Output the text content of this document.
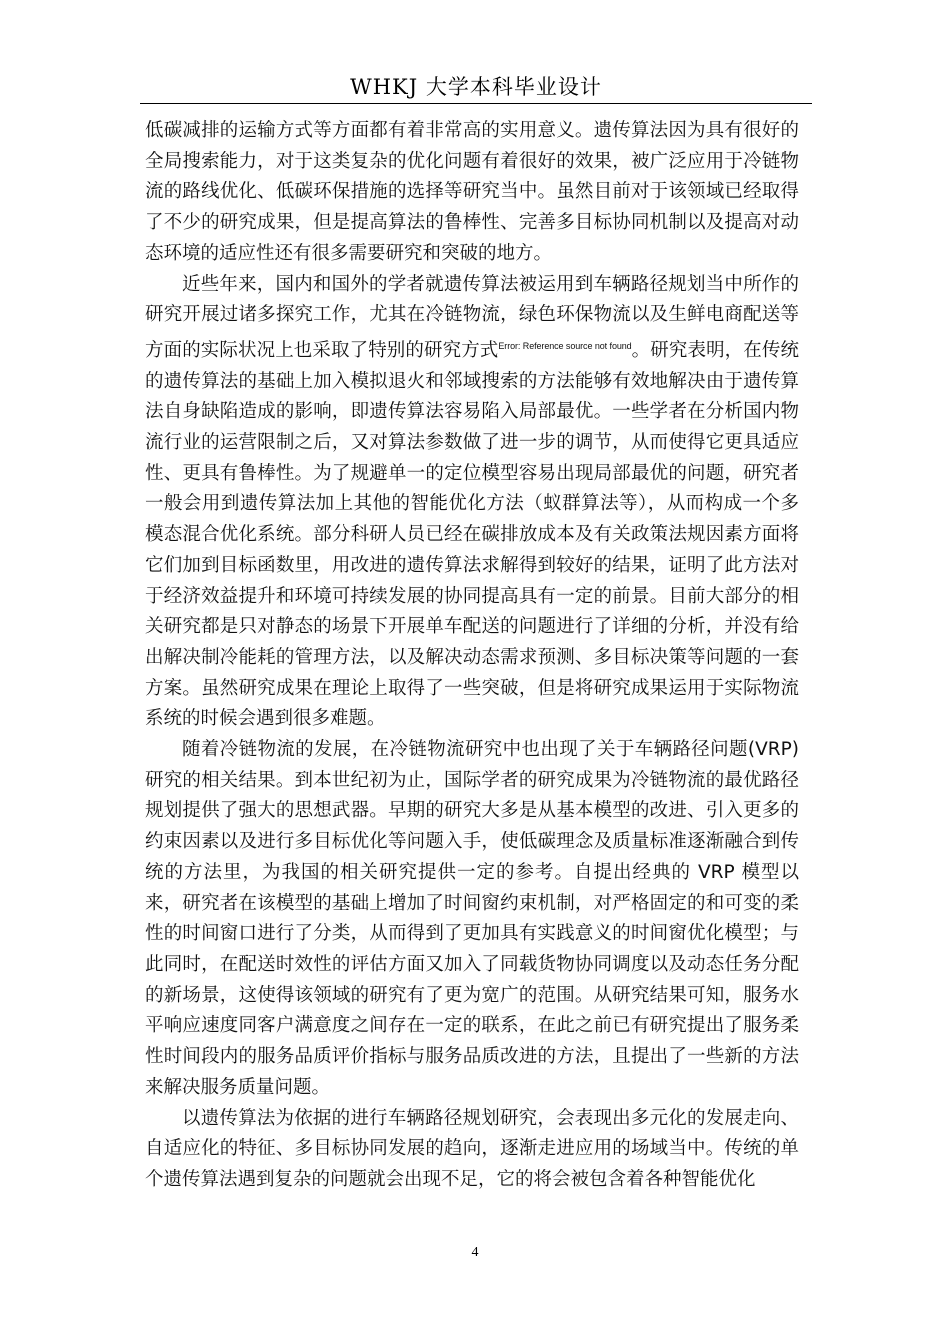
WHKJ 大学本科毕业设计

低碳减排的运输方式等方面都有着非常高的实用意义。遗传算法因为具有很好的全局搜索能力，对于这类复杂的优化问题有着很好的效果，被广泛应用于冷链物流的路线优化、低碳环保措施的选择等研究当中。虽然目前对于该领域已经取得了不少的研究成果，但是提高算法的鲁棒性、完善多目标协同机制以及提高对动态环境的适应性还有很多需要研究和突破的地方。

近些年来，国内和国外的学者就遗传算法被运用到车辆路径规划当中所作的研究开展过诸多探究工作，尤其在冷链物流，绿色环保物流以及生鲜电商配送等方面的实际状况上也采取了特别的研究方式$^{Error: Reference source not found}$。研究表明，在传统的遗传算法的基础上加入模拟退火和邻域搜索的方法能够有效地解决由于遗传算法自身缺陷造成的影响，即遗传算法容易陷入局部最优。一些学者在分析国内物流行业的运营限制之后，又对算法参数做了进一步的调节，从而使得它更具适应性、更具有鲁棒性。为了规避单一的定位模型容易出现局部最优的问题，研究者一般会用到遗传算法加上其他的智能优化方法（蚁群算法等），从而构成一个多模态混合优化系统。部分科研人员已经在碳排放成本及有关政策法规因素方面将它们加到目标函数里，用改进的遗传算法求解得到较好的结果，证明了此方法对于经济效益提升和环境可持续发展的协同提高具有一定的前景。目前大部分的相关研究都是只对静态的场景下开展单车配送的问题进行了详细的分析，并没有给出解决制冷能耗的管理方法，以及解决动态需求预测、多目标决策等问题的一套方案。虽然研究成果在理论上取得了一些突破，但是将研究成果运用于实际物流系统的时候会遇到很多难题。

随着冷链物流的发展，在冷链物流研究中也出现了关于车辆路径问题(VRP)研究的相关结果。到本世纪初为止，国际学者的研究成果为冷链物流的最优路径规划提供了强大的思想武器。早期的研究大多是从基本模型的改进、引入更多的约束因素以及进行多目标优化等问题入手，使低碳理念及质量标准逐渐融合到传统的方法里，为我国的相关研究提供一定的参考。自提出经典的 VRP 模型以来，研究者在该模型的基础上增加了时间窗约束机制，对严格固定的和可变的柔性的时间窗口进行了分类，从而得到了更加具有实践意义的时间窗优化模型；与此同时，在配送时效性的评估方面又加入了同载货物协同调度以及动态任务分配的新场景，这使得该领域的研究有了更为宽广的范围。从研究结果可知，服务水平响应速度同客户满意度之间存在一定的联系，在此之前已有研究提出了服务柔性时间段内的服务品质评价指标与服务品质改进的方法，且提出了一些新的方法来解决服务质量问题。

以遗传算法为依据的进行车辆路径规划研究，会表现出多元化的发展走向、自适应化的特征、多目标协同发展的趋向，逐渐走进应用的场域当中。传统的单个遗传算法遇到复杂的问题就会出现不足，它的将会被包含着各种智能优化

4
